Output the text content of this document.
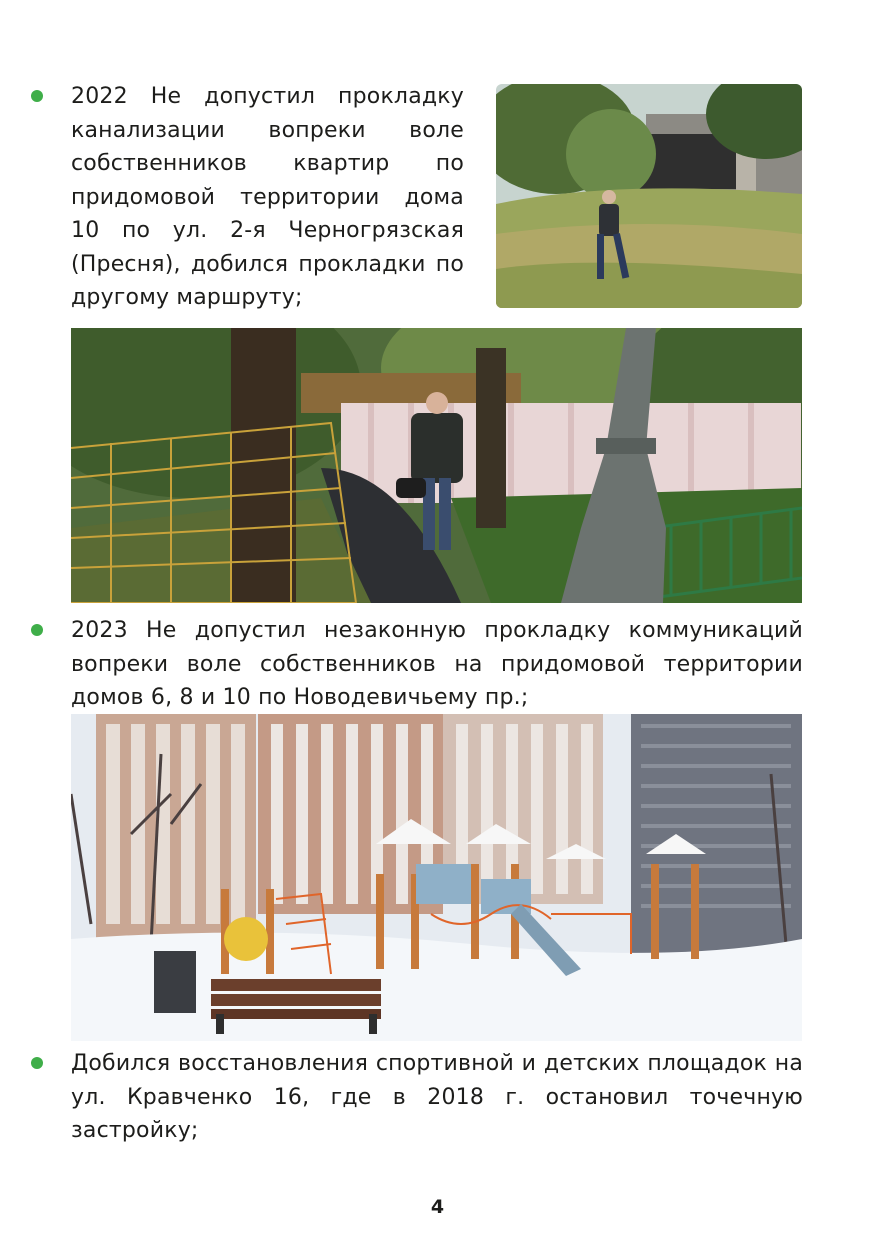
2022 Не допустил прокладку канализации вопреки воле собственников квартир по придомовой территории дома 10 по ул. 2-я Черногрязская (Пресня), добился прокладки по другому маршруту;

2023 Не допустил незаконную прокладку коммуникаций вопреки воле собственников на придомовой территории домов 6, 8 и 10 по Новодевичьему пр.;

Добился восстановления спортивной и детских площадок на ул. Кравченко 16, где в 2018 г. остановил точечную застройку;

4
